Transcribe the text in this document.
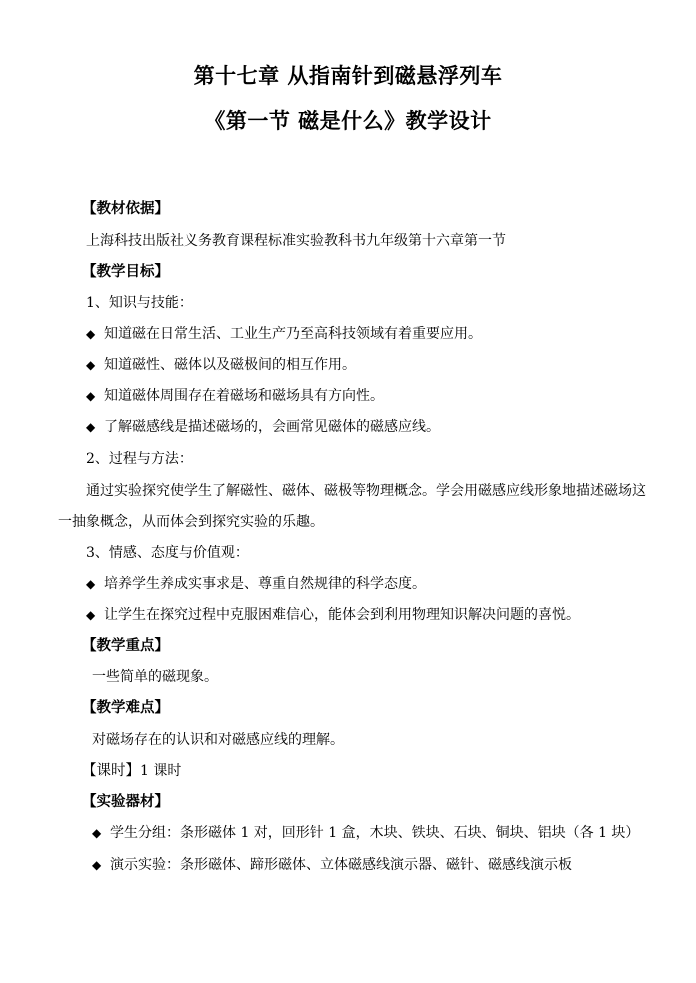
第十七章 从指南针到磁悬浮列车
《第一节 磁是什么》教学设计
【教材依据】
上海科技出版社义务教育课程标准实验教科书九年级第十六章第一节
【教学目标】
1、知识与技能：
◆ 知道磁在日常生活、工业生产乃至高科技领域有着重要应用。
◆ 知道磁性、磁体以及磁极间的相互作用。
◆ 知道磁体周围存在着磁场和磁场具有方向性。
◆ 了解磁感线是描述磁场的，会画常见磁体的磁感应线。
2、过程与方法：
通过实验探究使学生了解磁性、磁体、磁极等物理概念。学会用磁感应线形象地描述磁场这
一抽象概念，从而体会到探究实验的乐趣。
3、情感、态度与价值观：
◆ 培养学生养成实事求是、尊重自然规律的科学态度。
◆ 让学生在探究过程中克服困难信心，能体会到利用物理知识解决问题的喜悦。
【教学重点】
一些简单的磁现象。
【教学难点】
对磁场存在的认识和对磁感应线的理解。
【课时】1 课时
【实验器材】
◆ 学生分组：条形磁体 1 对，回形针 1 盒，木块、铁块、石块、铜块、铝块（各 1 块）
◆ 演示实验：条形磁体、蹄形磁体、立体磁感线演示器、磁针、磁感线演示板
